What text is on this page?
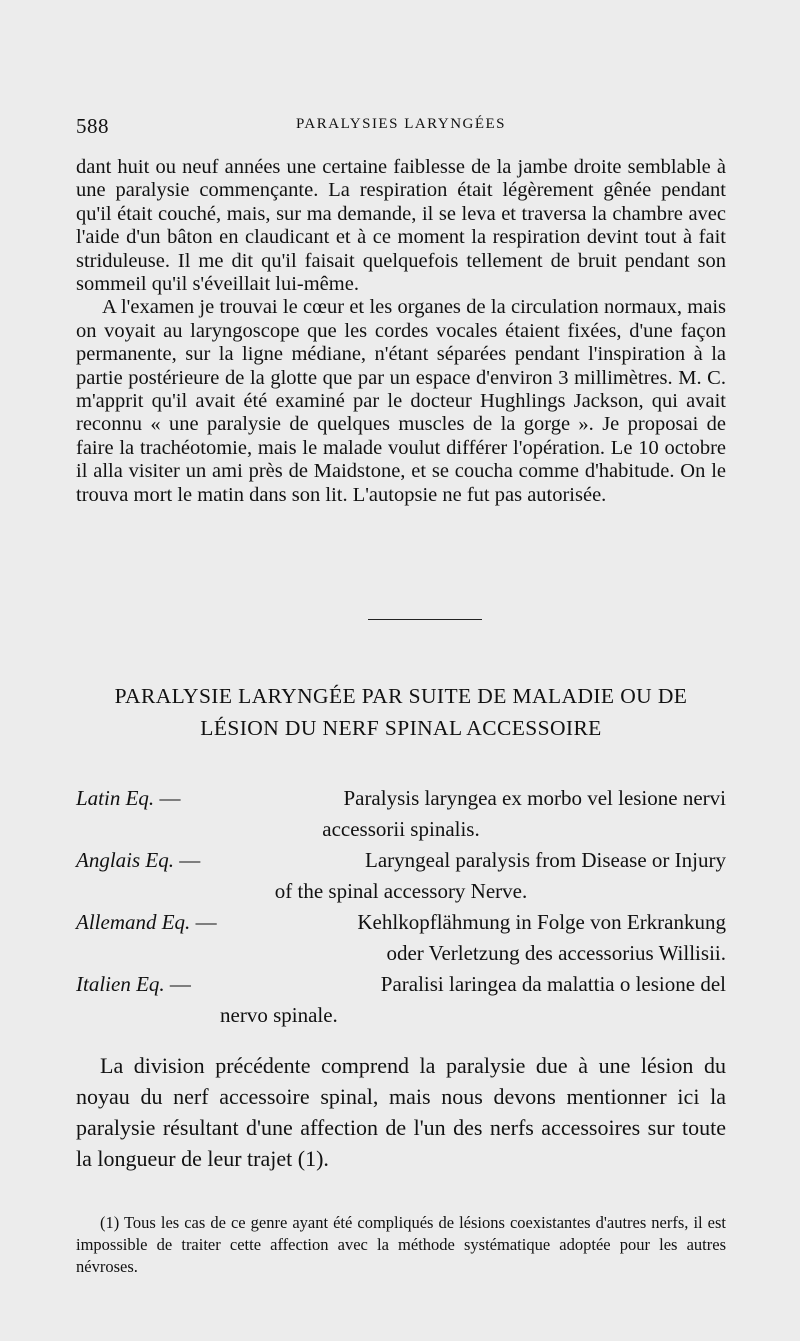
588	PARALYSIES LARYNGÉES

dant huit ou neuf années une certaine faiblesse de la jambe droite semblable à une paralysie commençante. La respiration était légèrement gênée pendant qu'il était couché, mais, sur ma demande, il se leva et traversa la chambre avec l'aide d'un bâton en claudicant et à ce moment la respiration devint tout à fait striduleuse. Il me dit qu'il faisait quelquefois tellement de bruit pendant son sommeil qu'il s'éveillait lui-même.

A l'examen je trouvai le cœur et les organes de la circulation normaux, mais on voyait au laryngoscope que les cordes vocales étaient fixées, d'une façon permanente, sur la ligne médiane, n'étant séparées pendant l'inspiration à la partie postérieure de la glotte que par un espace d'environ 3 millimètres. M. C. m'apprit qu'il avait été examiné par le docteur Hughlings Jackson, qui avait reconnu « une paralysie de quelques muscles de la gorge ». Je proposai de faire la trachéotomie, mais le malade voulut différer l'opération. Le 10 octobre il alla visiter un ami près de Maidstone, et se coucha comme d'habitude. On le trouva mort le matin dans son lit. L'autopsie ne fut pas autorisée.

PARALYSIE LARYNGÉE PAR SUITE DE MALADIE OU DE
LÉSION DU NERF SPINAL ACCESSOIRE
Latin Eq. —	Paralysis laryngea ex morbo vel lesione nervi
accessorii spinalis.
Anglais Eq. —	Laryngeal paralysis from Disease or Injury
of the spinal accessory Nerve.
Allemand Eq. —	Kehlkopflähmung in Folge von Erkrankung
oder Verletzung des accessorius Willisii.
Italien Eq. —	Paralisi laringea da malattia o lesione del
nervo spinale.

La division précédente comprend la paralysie due à une lésion du noyau du nerf accessoire spinal, mais nous devons mentionner ici la paralysie résultant d'une affection de l'un des nerfs accessoires sur toute la longueur de leur trajet (1).

(1) Tous les cas de ce genre ayant été compliqués de lésions coexistantes d'autres nerfs, il est impossible de traiter cette affection avec la méthode systématique adoptée pour les autres névroses.
